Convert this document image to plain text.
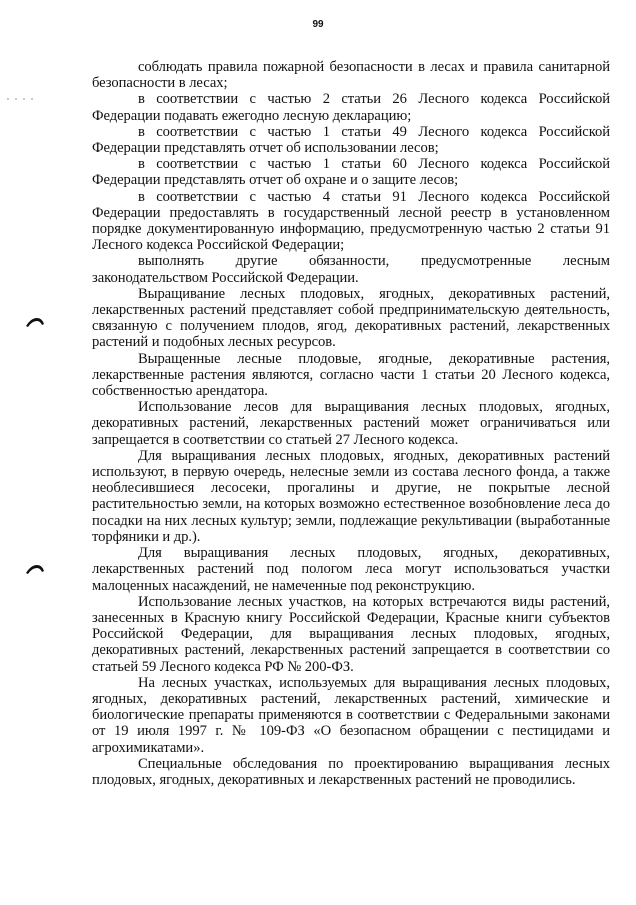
99

соблюдать правила пожарной безопасности в лесах и правила санитарной безопасности в лесах;

в соответствии с частью 2 статьи 26 Лесного кодекса Российской Федерации подавать ежегодно лесную декларацию;

в соответствии с частью 1 статьи 49 Лесного кодекса Российской Федерации представлять отчет об использовании лесов;

в соответствии с частью 1 статьи 60 Лесного кодекса Российской Федерации представлять отчет об охране и о защите лесов;

в соответствии с частью 4 статьи 91 Лесного кодекса Российской Федерации предоставлять в государственный лесной реестр в установленном порядке документированную информацию, предусмотренную частью 2 статьи 91 Лесного кодекса Российской Федерации;

выполнять другие обязанности, предусмотренные лесным законодательством Российской Федерации.

Выращивание лесных плодовых, ягодных, декоративных растений, лекарственных растений представляет собой предпринимательскую деятельность, связанную с получением плодов, ягод, декоративных растений, лекарственных растений и подобных лесных ресурсов.

Выращенные лесные плодовые, ягодные, декоративные растения, лекарственные растения являются, согласно части 1 статьи 20 Лесного кодекса, собственностью арендатора.

Использование лесов для выращивания лесных плодовых, ягодных, декоративных растений, лекарственных растений может ограничиваться или запрещается в соответствии со статьей 27 Лесного кодекса.

Для выращивания лесных плодовых, ягодных, декоративных растений используют, в первую очередь, нелесные земли из состава лесного фонда, а также необлесившиеся лесосеки, прогалины и другие, не покрытые лесной растительностью земли, на которых возможно естественное возобновление леса до посадки на них лесных культур; земли, подлежащие рекультивации (выработанные торфяники и др.).

Для выращивания лесных плодовых, ягодных, декоративных, лекарственных растений под пологом леса могут использоваться участки малоценных насаждений, не намеченные под реконструкцию.

Использование лесных участков, на которых встречаются виды растений, занесенных в Красную книгу Российской Федерации, Красные книги субъектов Российской Федерации, для выращивания лесных плодовых, ягодных, декоративных растений, лекарственных растений запрещается в соответствии со статьей 59 Лесного кодекса РФ № 200-ФЗ.

На лесных участках, используемых для выращивания лесных плодовых, ягодных, декоративных растений, лекарственных растений, химические и биологические препараты применяются в соответствии с Федеральными законами от 19 июля 1997 г. № 109-ФЗ «О безопасном обращении с пестицидами и агрохимикатами».

Специальные обследования по проектированию выращивания лесных плодовых, ягодных, декоративных и лекарственных растений не проводились.
